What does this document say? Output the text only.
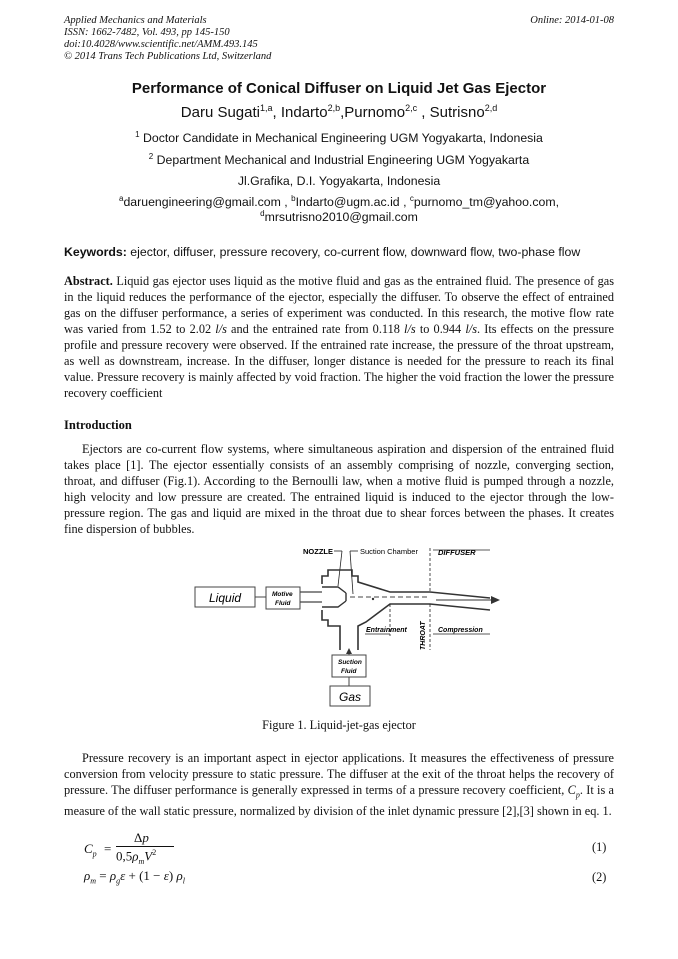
Applied Mechanics and Materials
ISSN: 1662-7482, Vol. 493, pp 145-150
doi:10.4028/www.scientific.net/AMM.493.145
© 2014 Trans Tech Publications Ltd, Switzerland
Online: 2014-01-08
Performance of Conical Diffuser on Liquid Jet Gas Ejector
Daru Sugati$^{1,a}$, Indarto$^{2,b}$,Purnomo$^{2,c}$ , Sutrisno$^{2,d}$
$^1$ Doctor Candidate in Mechanical Engineering UGM Yogyakarta, Indonesia
$^2$ Department Mechanical and Industrial Engineering UGM Yogyakarta
Jl.Grafika, D.I. Yogyakarta, Indonesia
$^a$daruengineering@gmail.com , $^b$Indarto@ugm.ac.id , $^c$purnomo_tm@yahoo.com,
$^d$mrsutrisno2010@gmail.com
Keywords: ejector, diffuser, pressure recovery, co-current flow, downward flow, two-phase flow

Abstract. Liquid gas ejector uses liquid as the motive fluid and gas as the entrained fluid. The presence of gas in the liquid reduces the performance of the ejector, especially the diffuser. To observe the effect of entrained gas on the diffuser performance, a series of experiment was conducted. In this research, the motive flow rate was varied from 1.52 to 2.02 l/s and the entrained rate from 0.118 l/s to 0.944 l/s. Its effects on the pressure profile and pressure recovery were observed. If the entrained rate increase, the pressure of the throat upstream, as well as downstream, increase. In the diffuser, longer distance is needed for the pressure to reach its final value. Pressure recovery is mainly affected by void fraction. The higher the void fraction the lower the pressure recovery coefficient

Introduction

Ejectors are co-current flow systems, where simultaneous aspiration and dispersion of the entrained fluid takes place [1]. The ejector essentially consists of an assembly comprising of nozzle, converging section, throat, and diffuser (Fig.1). According to the Bernoulli law, when a motive fluid is pumped through a nozzle, high velocity and low pressure are created. The entrained liquid is induced to the ejector through the low-pressure region. The gas and liquid are mixed in the throat due to shear forces between the phases. It creates fine dispersion of bubbles.

NOZZLE	Suction Chamber	DIFFUSER
Liquid	Motive
Fluid
Entrainment THROAT Compression
Suction
Fluid
Gas
Figure 1. Liquid-jet-gas ejector

Pressure recovery is an important aspect in ejector applications. It measures the effectiveness of pressure conversion from velocity pressure to static pressure. The diffuser at the exit of the throat helps the recovery of pressure. The diffuser performance is generally expressed in terms of a pressure recovery coefficient, $C_p$. It is a measure of the wall static pressure, normalized by division of the inlet dynamic pressure [2],[3] shown in eq. 1.

$C_p$ =
Δp
$0,5\rho_mV^2$	(1)
$\rho_m = \rho_g\varepsilon + (1 - \varepsilon)$ $\rho_l$	(2)
